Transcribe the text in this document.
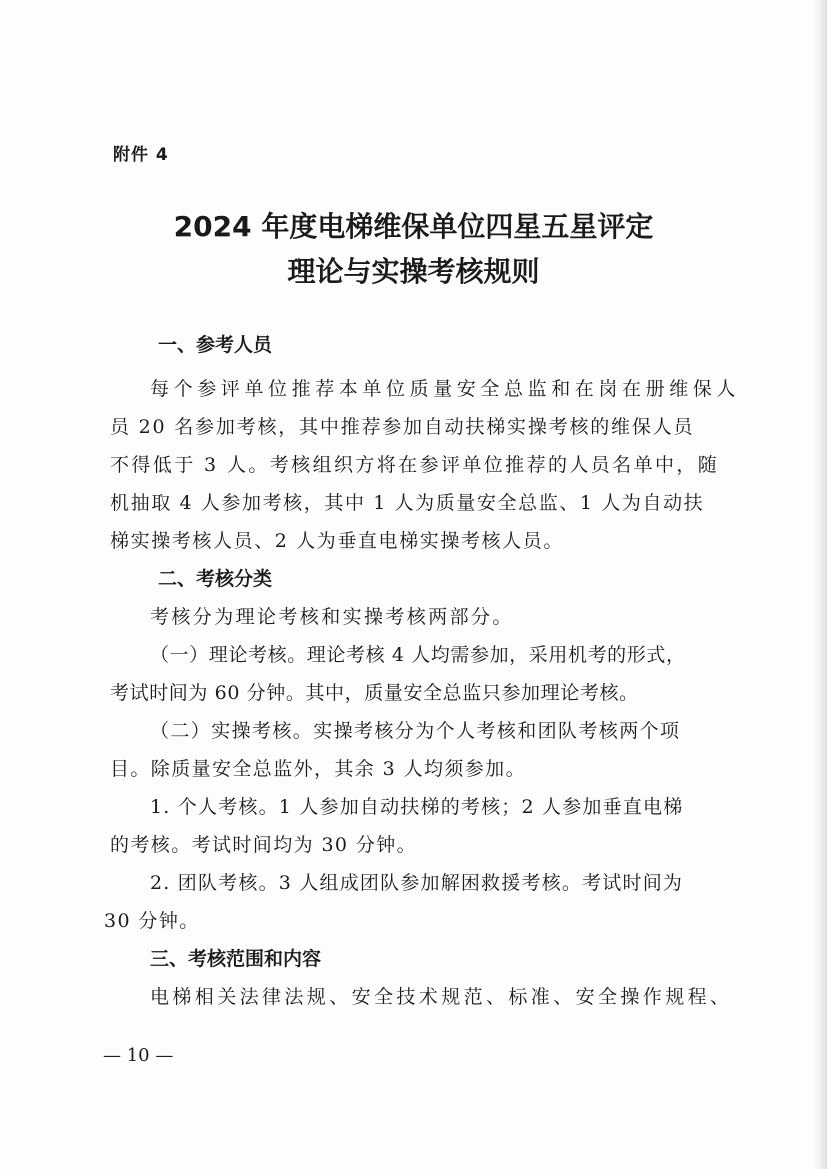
附件 4
2024 年度电梯维保单位四星五星评定
理论与实操考核规则
一、参考人员
每个参评单位推荐本单位质量安全总监和在岗在册维保人
员 20 名参加考核，其中推荐参加自动扶梯实操考核的维保人员
不得低于 3 人。考核组织方将在参评单位推荐的人员名单中，随
机抽取 4 人参加考核，其中 1 人为质量安全总监、1 人为自动扶
梯实操考核人员、2 人为垂直电梯实操考核人员。
二、考核分类
考核分为理论考核和实操考核两部分。
（一）理论考核。理论考核 4 人均需参加，采用机考的形式，
考试时间为 60 分钟。其中，质量安全总监只参加理论考核。
（二）实操考核。实操考核分为个人考核和团队考核两个项
目。除质量安全总监外，其余 3 人均须参加。
1. 个人考核。1 人参加自动扶梯的考核；2 人参加垂直电梯
的考核。考试时间均为 30 分钟。
2. 团队考核。3 人组成团队参加解困救援考核。考试时间为
30 分钟。
三、考核范围和内容
电梯相关法律法规、安全技术规范、标准、安全操作规程、
— 10 —
